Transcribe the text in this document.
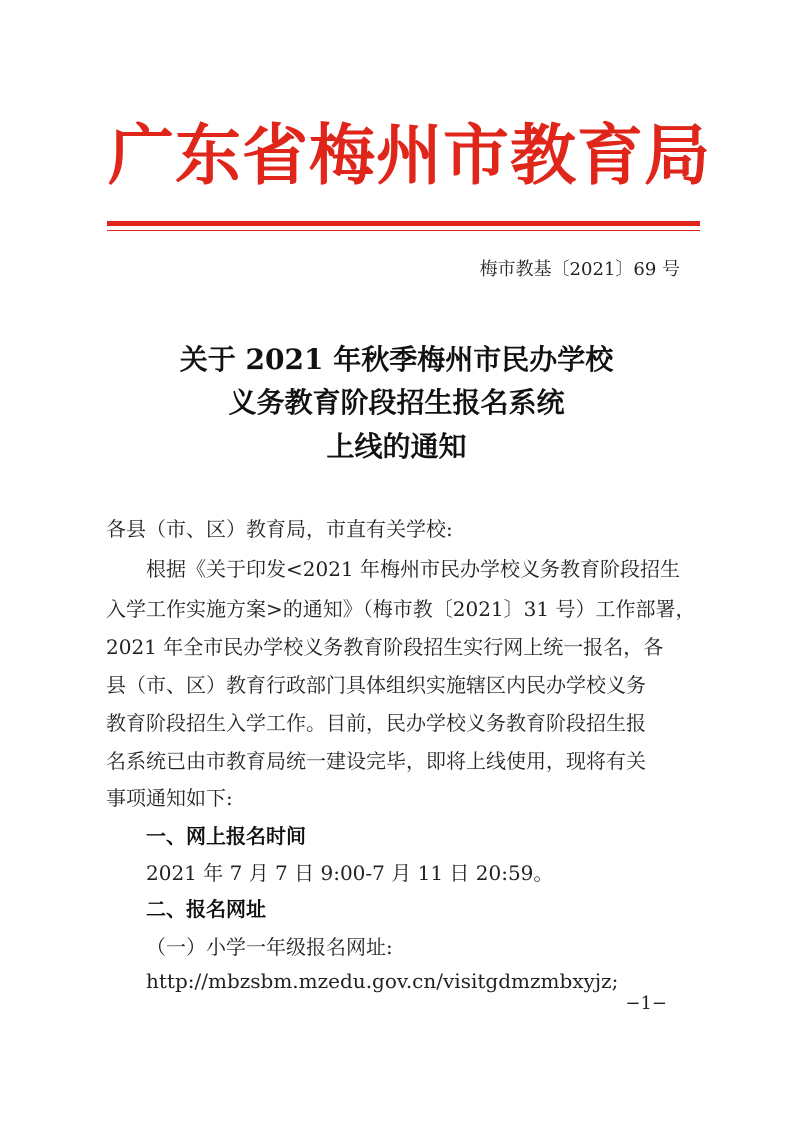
广东省梅州市教育局
梅市教基〔2021〕69 号
关于 2021 年秋季梅州市民办学校
义务教育阶段招生报名系统
上线的通知
各县（市、区）教育局，市直有关学校:
根据《关于印发<2021 年梅州市民办学校义务教育阶段招生
入学工作实施方案>的通知》（梅市教〔2021〕31 号）工作部署，
2021 年全市民办学校义务教育阶段招生实行网上统一报名，各
县（市、区）教育行政部门具体组织实施辖区内民办学校义务
教育阶段招生入学工作。目前，民办学校义务教育阶段招生报
名系统已由市教育局统一建设完毕，即将上线使用，现将有关
事项通知如下:
一、网上报名时间
2021 年 7 月 7 日 9:00-7 月 11 日 20:59。
二、报名网址
（一）小学一年级报名网址:
http://mbzsbm.mzedu.gov.cn/visitgdmzmbxyjz;
−1−
